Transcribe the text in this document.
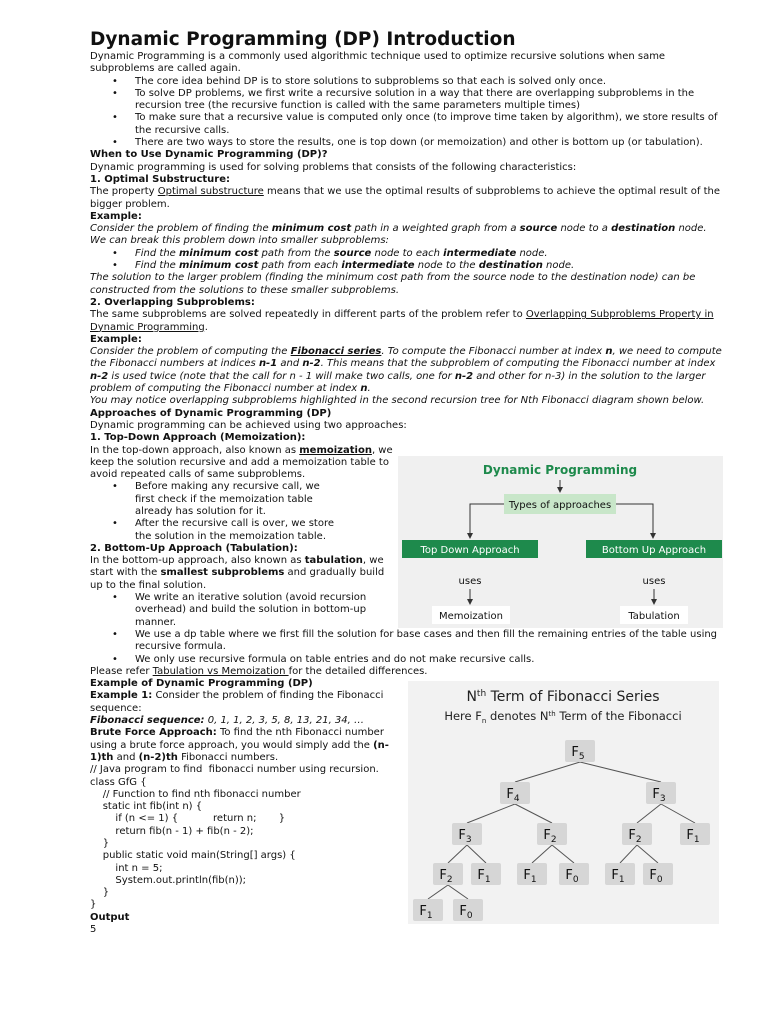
Dynamic Programming (DP) Introduction

Dynamic Programming is a commonly used algorithmic technique used to optimize recursive solutions when same subproblems are called again.

• The core idea behind DP is to store solutions to subproblems so that each is solved only once.
• To solve DP problems, we first write a recursive solution in a way that there are overlapping subproblems in the recursion tree (the recursive function is called with the same parameters multiple times)
• To make sure that a recursive value is computed only once (to improve time taken by algorithm), we store results of the recursive calls.
• There are two ways to store the results, one is top down (or memoization) and other is bottom up (or tabulation).

When to Use Dynamic Programming (DP)?

Dynamic programming is used for solving problems that consists of the following characteristics:

1. Optimal Substructure:

The property Optimal substructure means that we use the optimal results of subproblems to achieve the optimal result of the bigger problem.

Example:

Consider the problem of finding the minimum cost path in a weighted graph from a source node to a destination node. We can break this problem down into smaller subproblems:

• Find the minimum cost path from the source node to each intermediate node.
• Find the minimum cost path from each intermediate node to the destination node.

The solution to the larger problem (finding the minimum cost path from the source node to the destination node) can be constructed from the solutions to these smaller subproblems.

2. Overlapping Subproblems:

The same subproblems are solved repeatedly in different parts of the problem refer to Overlapping Subproblems Property in Dynamic Programming.

Example:

Consider the problem of computing the Fibonacci series. To compute the Fibonacci number at index n, we need to compute the Fibonacci numbers at indices n-1 and n-2. This means that the subproblem of computing the Fibonacci number at index n-2 is used twice (note that the call for n - 1 will make two calls, one for n-2 and other for n-3) in the solution to the larger problem of computing the Fibonacci number at index n.

You may notice overlapping subproblems highlighted in the second recursion tree for Nth Fibonacci diagram shown below.

Approaches of Dynamic Programming (DP)

Dynamic programming can be achieved using two approaches:

1. Top-Down Approach (Memoization):

In the top-down approach, also known as memoization, we keep the solution recursive and add a memoization table to avoid repeated calls of same subproblems.

• Before making any recursive call, we first check if the memoization table already has solution for it.
• After the recursive call is over, we store the solution in the memoization table.

2. Bottom-Up Approach (Tabulation):

In the bottom-up approach, also known as tabulation, we start with the smallest subproblems and gradually build up to the final solution.

• We write an iterative solution (avoid recursion overhead) and build the solution in bottom-up manner.
• We use a dp table where we first fill the solution for base cases and then fill the remaining entries of the table using recursive formula.
• We only use recursive formula on table entries and do not make recursive calls.

Please refer Tabulation vs Memoization for the detailed differences.

Example of Dynamic Programming (DP)

Example 1: Consider the problem of finding the Fibonacci sequence:

Fibonacci sequence: 0, 1, 1, 2, 3, 5, 8, 13, 21, 34, …

Brute Force Approach: To find the nth Fibonacci number using a brute force approach, you would simply add the (n-1)th and (n-2)th Fibonacci numbers.

// Java program to find  fibonacci number using recursion.

class GfG {

// Function to find nth fibonacci number

static int fib(int n) {

if (n <= 1) {           return n;       }

return fib(n - 1) + fib(n - 2);

}

public static void main(String[] args) {

int n = 5;

System.out.println(fib(n));

}

}

Output

5

Dynamic Programming
Types of approaches
Top Down Approach	Bottom Up Approach
uses	uses
Memoization	Tabulation
$N^{th}$ Term of Fibonacci Series
Here $F_n$ denotes $N^{th}$ Term of the Fibonacci
$F_5$
$F_4$	$F_3$
$F_3$	$F_2$	$F_2$	$F_1$
$F_2$ $F_1$	$F_1$ $F_0$	$F_1$ $F_0$
$F_1$ $F_0$
